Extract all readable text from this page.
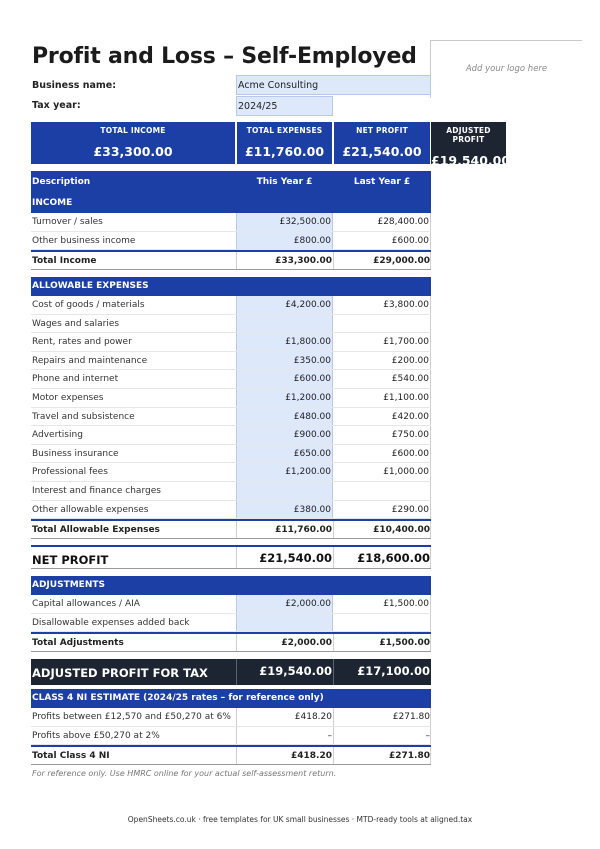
Profit and Loss – Self-Employed	Add your logo here
Business name:	Acme Consulting
Tax year:	2024/25
TOTAL INCOME
£33,300.00
TOTAL EXPENSES
£11,760.00
NET PROFIT
£21,540.00
ADJUSTED PROFIT
£19,540.00
Description	This Year £	Last Year £
INCOME
Turnover / sales	£32,500.00	£28,400.00
Other business income	£800.00	£600.00
Total Income	£33,300.00	£29,000.00
ALLOWABLE EXPENSES
Cost of goods / materials	£4,200.00	£3,800.00
Wages and salaries
Rent, rates and power	£1,800.00	£1,700.00
Repairs and maintenance	£350.00	£200.00
Phone and internet	£600.00	£540.00
Motor expenses	£1,200.00	£1,100.00
Travel and subsistence	£480.00	£420.00
Advertising	£900.00	£750.00
Business insurance	£650.00	£600.00
Professional fees	£1,200.00	£1,000.00
Interest and finance charges
Other allowable expenses	£380.00	£290.00
Total Allowable Expenses	£11,760.00	£10,400.00
NET PROFIT	£21,540.00	£18,600.00
ADJUSTMENTS
Capital allowances / AIA	£2,000.00	£1,500.00
Disallowable expenses added back
Total Adjustments	£2,000.00	£1,500.00
ADJUSTED PROFIT FOR TAX	£19,540.00	£17,100.00
CLASS 4 NI ESTIMATE (2024/25 rates – for reference only)
Profits between £12,570 and £50,270 at 6%	£418.20	£271.80
Profits above £50,270 at 2%	–	–
Total Class 4 NI	£418.20	£271.80
For reference only. Use HMRC online for your actual self-assessment return.
OpenSheets.co.uk · free templates for UK small businesses · MTD-ready tools at aligned.tax
